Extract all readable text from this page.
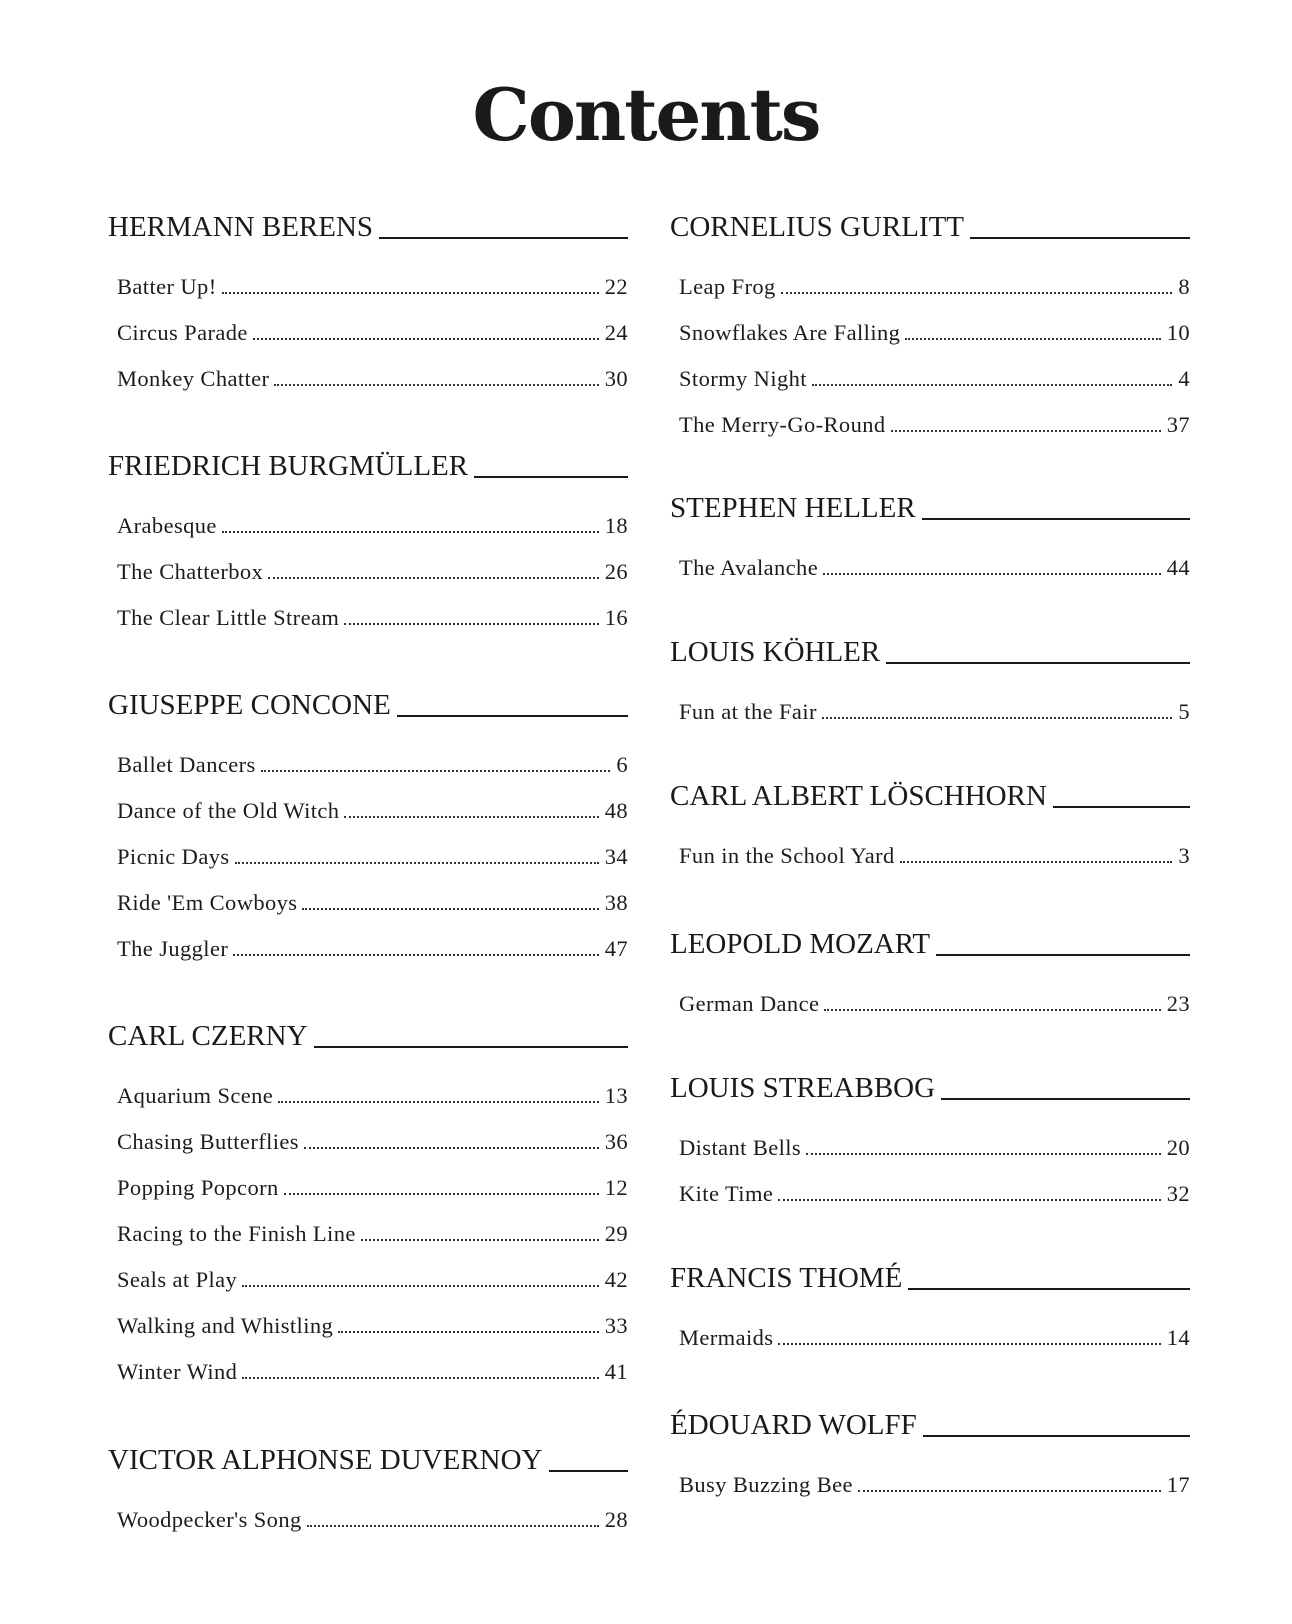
Contents
HERMANN BERENS
Batter Up!	22
Circus Parade	24
Monkey Chatter	30
FRIEDRICH BURGMÜLLER
Arabesque	18
The Chatterbox	26
The Clear Little Stream	16
GIUSEPPE CONCONE
Ballet Dancers	6
Dance of the Old Witch	48
Picnic Days	34
Ride 'Em Cowboys	38
The Juggler	47
CARL CZERNY
Aquarium Scene	13
Chasing Butterflies	36
Popping Popcorn	12
Racing to the Finish Line	29
Seals at Play	42
Walking and Whistling	33
Winter Wind	41
VICTOR ALPHONSE DUVERNOY
Woodpecker's Song	28
CORNELIUS GURLITT
Leap Frog	8
Snowflakes Are Falling	10
Stormy Night	4
The Merry-Go-Round	37
STEPHEN HELLER
The Avalanche	44
LOUIS KÖHLER
Fun at the Fair	5
CARL ALBERT LÖSCHHORN
Fun in the School Yard	3
LEOPOLD MOZART
German Dance	23
LOUIS STREABBOG
Distant Bells	20
Kite Time	32
FRANCIS THOMÉ
Mermaids	14
ÉDOUARD WOLFF
Busy Buzzing Bee	17
